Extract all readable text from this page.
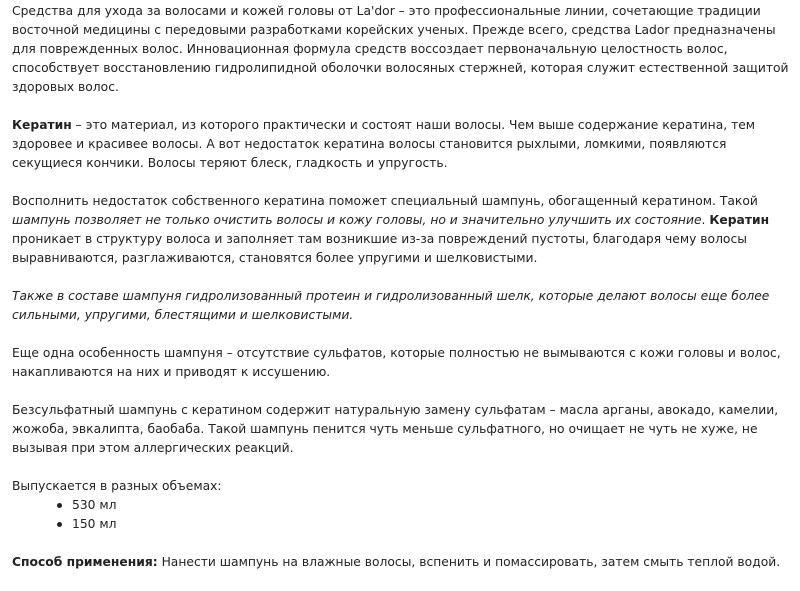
Средства для ухода за волосами и кожей головы от La'dor – это профессиональные линии, сочетающие традиции восточной медицины с передовыми разработками корейских ученых. Прежде всего, средства Lador предназначены для поврежденных волос. Инновационная формула средств воссоздает первоначальную целостность волос, способствует восстановлению гидролипидной оболочки волосяных стержней, которая служит естественной защитой здоровых волос.

Кератин – это материал, из которого практически и состоят наши волосы. Чем выше содержание кератина, тем здоровее и красивее волосы. А вот недостаток кератина волосы становится рыхлыми, ломкими, появляются секущиеся кончики. Волосы теряют блеск, гладкость и упругость.

Восполнить недостаток собственного кератина поможет специальный шампунь, обогащенный кератином. Такой шампунь позволяет не только очистить волосы и кожу головы, но и значительно улучшить их состояние. Кератин проникает в структуру волоса и заполняет там возникшие из-за повреждений пустоты, благодаря чему волосы выравниваются, разглаживаются, становятся более упругими и шелковистыми.

Также в составе шампуня гидролизованный протеин и гидролизованный шелк, которые делают волосы еще более сильными, упругими, блестящими и шелковистыми.

Еще одна особенность шампуня – отсутствие сульфатов, которые полностью не вымываются с кожи головы и волос, накапливаются на них и приводят к иссушению.

Безсульфатный шампунь с кератином содержит натуральную замену сульфатам – масла арганы, авокадо, камелии, жожоба, эвкалипта, баобаба. Такой шампунь пенится чуть меньше сульфатного, но очищает не чуть не хуже, не вызывая при этом аллергических реакций.

Выпускается в разных объемах:
530 мл
150 мл

Способ применения: Нанести шампунь на влажные волосы, вспенить и помассировать, затем смыть теплой водой.
